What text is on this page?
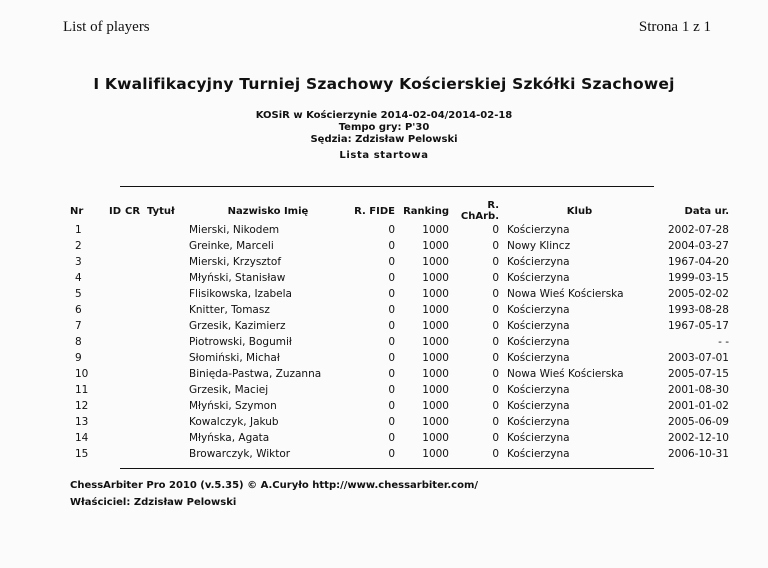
List of players	Strona 1 z 1
I Kwalifikacyjny Turniej Szachowy Kościerskiej Szkółki Szachowej
KOSiR w Kościerzynie 2014-02-04/2014-02-18
Tempo gry: P'30
Sędzia: Zdzisław Pelowski
Lista startowa
Nr	ID	CR	Tytuł	Nazwisko Imię	R. FIDE	Ranking	R. ChArb.	Klub	Data ur.
1				Mierski, Nikodem	0	1000	0	Kościerzyna	2002-07-28
2				Greinke, Marceli	0	1000	0	Nowy Klincz	2004-03-27
3				Mierski, Krzysztof	0	1000	0	Kościerzyna	1967-04-20
4				Młyński, Stanisław	0	1000	0	Kościerzyna	1999-03-15
5				Flisikowska, Izabela	0	1000	0	Nowa Wieś Kościerska	2005-02-02
6				Knitter, Tomasz	0	1000	0	Kościerzyna	1993-08-28
7				Grzesik, Kazimierz	0	1000	0	Kościerzyna	1967-05-17
8				Piotrowski, Bogumił	0	1000	0	Kościerzyna	- -
9				Słomiński, Michał	0	1000	0	Kościerzyna	2003-07-01
10				Binięda-Pastwa, Zuzanna	0	1000	0	Nowa Wieś Kościerska	2005-07-15
11				Grzesik, Maciej	0	1000	0	Kościerzyna	2001-08-30
12				Młyński, Szymon	0	1000	0	Kościerzyna	2001-01-02
13				Kowalczyk, Jakub	0	1000	0	Kościerzyna	2005-06-09
14				Młyńska, Agata	0	1000	0	Kościerzyna	2002-12-10
15				Browarczyk, Wiktor	0	1000	0	Kościerzyna	2006-10-31
ChessArbiter Pro 2010 (v.5.35) © A.Curyło http://www.chessarbiter.com/
Właściciel: Zdzisław Pelowski
